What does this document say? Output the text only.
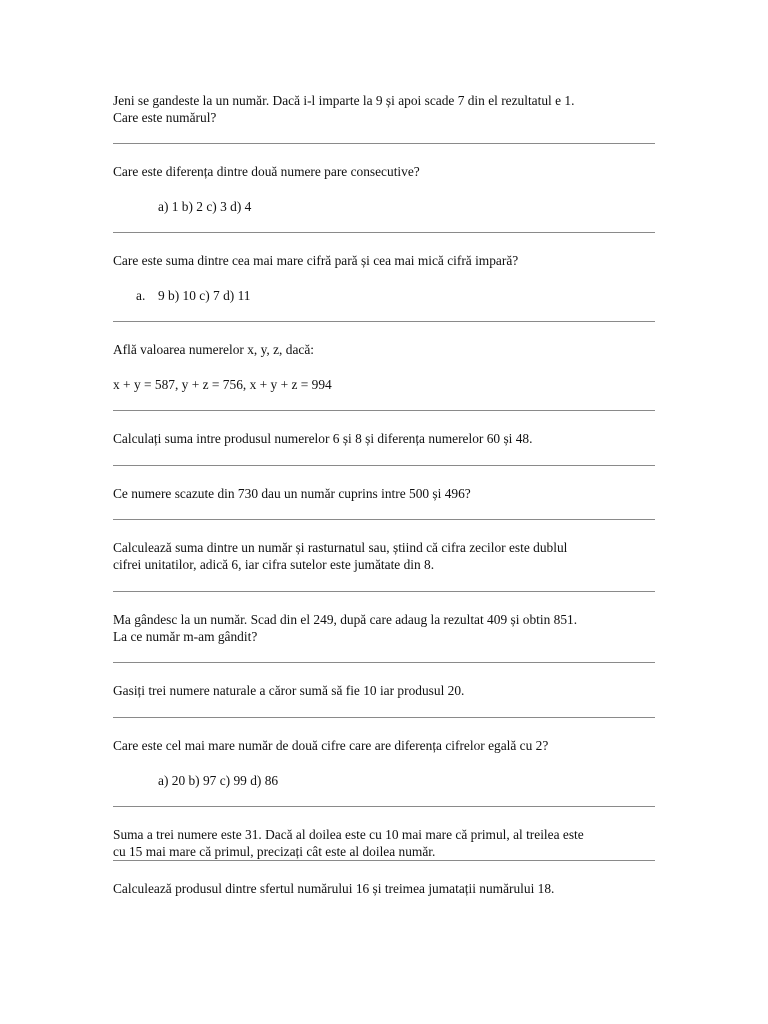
Jeni se gandeste la un număr. Dacă i-l imparte la 9 și apoi scade 7 din el rezultatul e 1.

Care este numărul?

Care este diferența dintre două numere pare consecutive?

a) 1 b) 2 c) 3 d) 4

Care este suma dintre cea mai mare cifră pară și cea mai mică cifră impară?

a. 9 b) 10 c) 7 d) 11

Află valoarea numerelor x, y, z, dacă:

x + y = 587, y + z = 756, x + y + z = 994

Calculați suma intre produsul numerelor 6 și 8 și diferența numerelor 60 și 48.

Ce numere scazute din 730 dau un număr cuprins intre 500 și 496?

Calculează suma dintre un număr și rasturnatul sau, știind că cifra zecilor este dublul

cifrei unitatilor, adică 6, iar cifra sutelor este jumătate din 8.

Ma gândesc la un număr. Scad din el 249, după care adaug la rezultat 409 și obtin 851.

La ce număr m-am gândit?

Gasiți trei numere naturale a căror sumă să fie 10 iar produsul 20.

Care este cel mai mare număr de două cifre care are diferența cifrelor egală cu 2?

a) 20 b) 97 c) 99 d) 86

Suma a trei numere este 31. Dacă al doilea este cu 10 mai mare că primul, al treilea este

cu 15 mai mare că primul, precizați cât este al doilea număr.

Calculează produsul dintre sfertul numărului 16 și treimea jumatații numărului 18.
